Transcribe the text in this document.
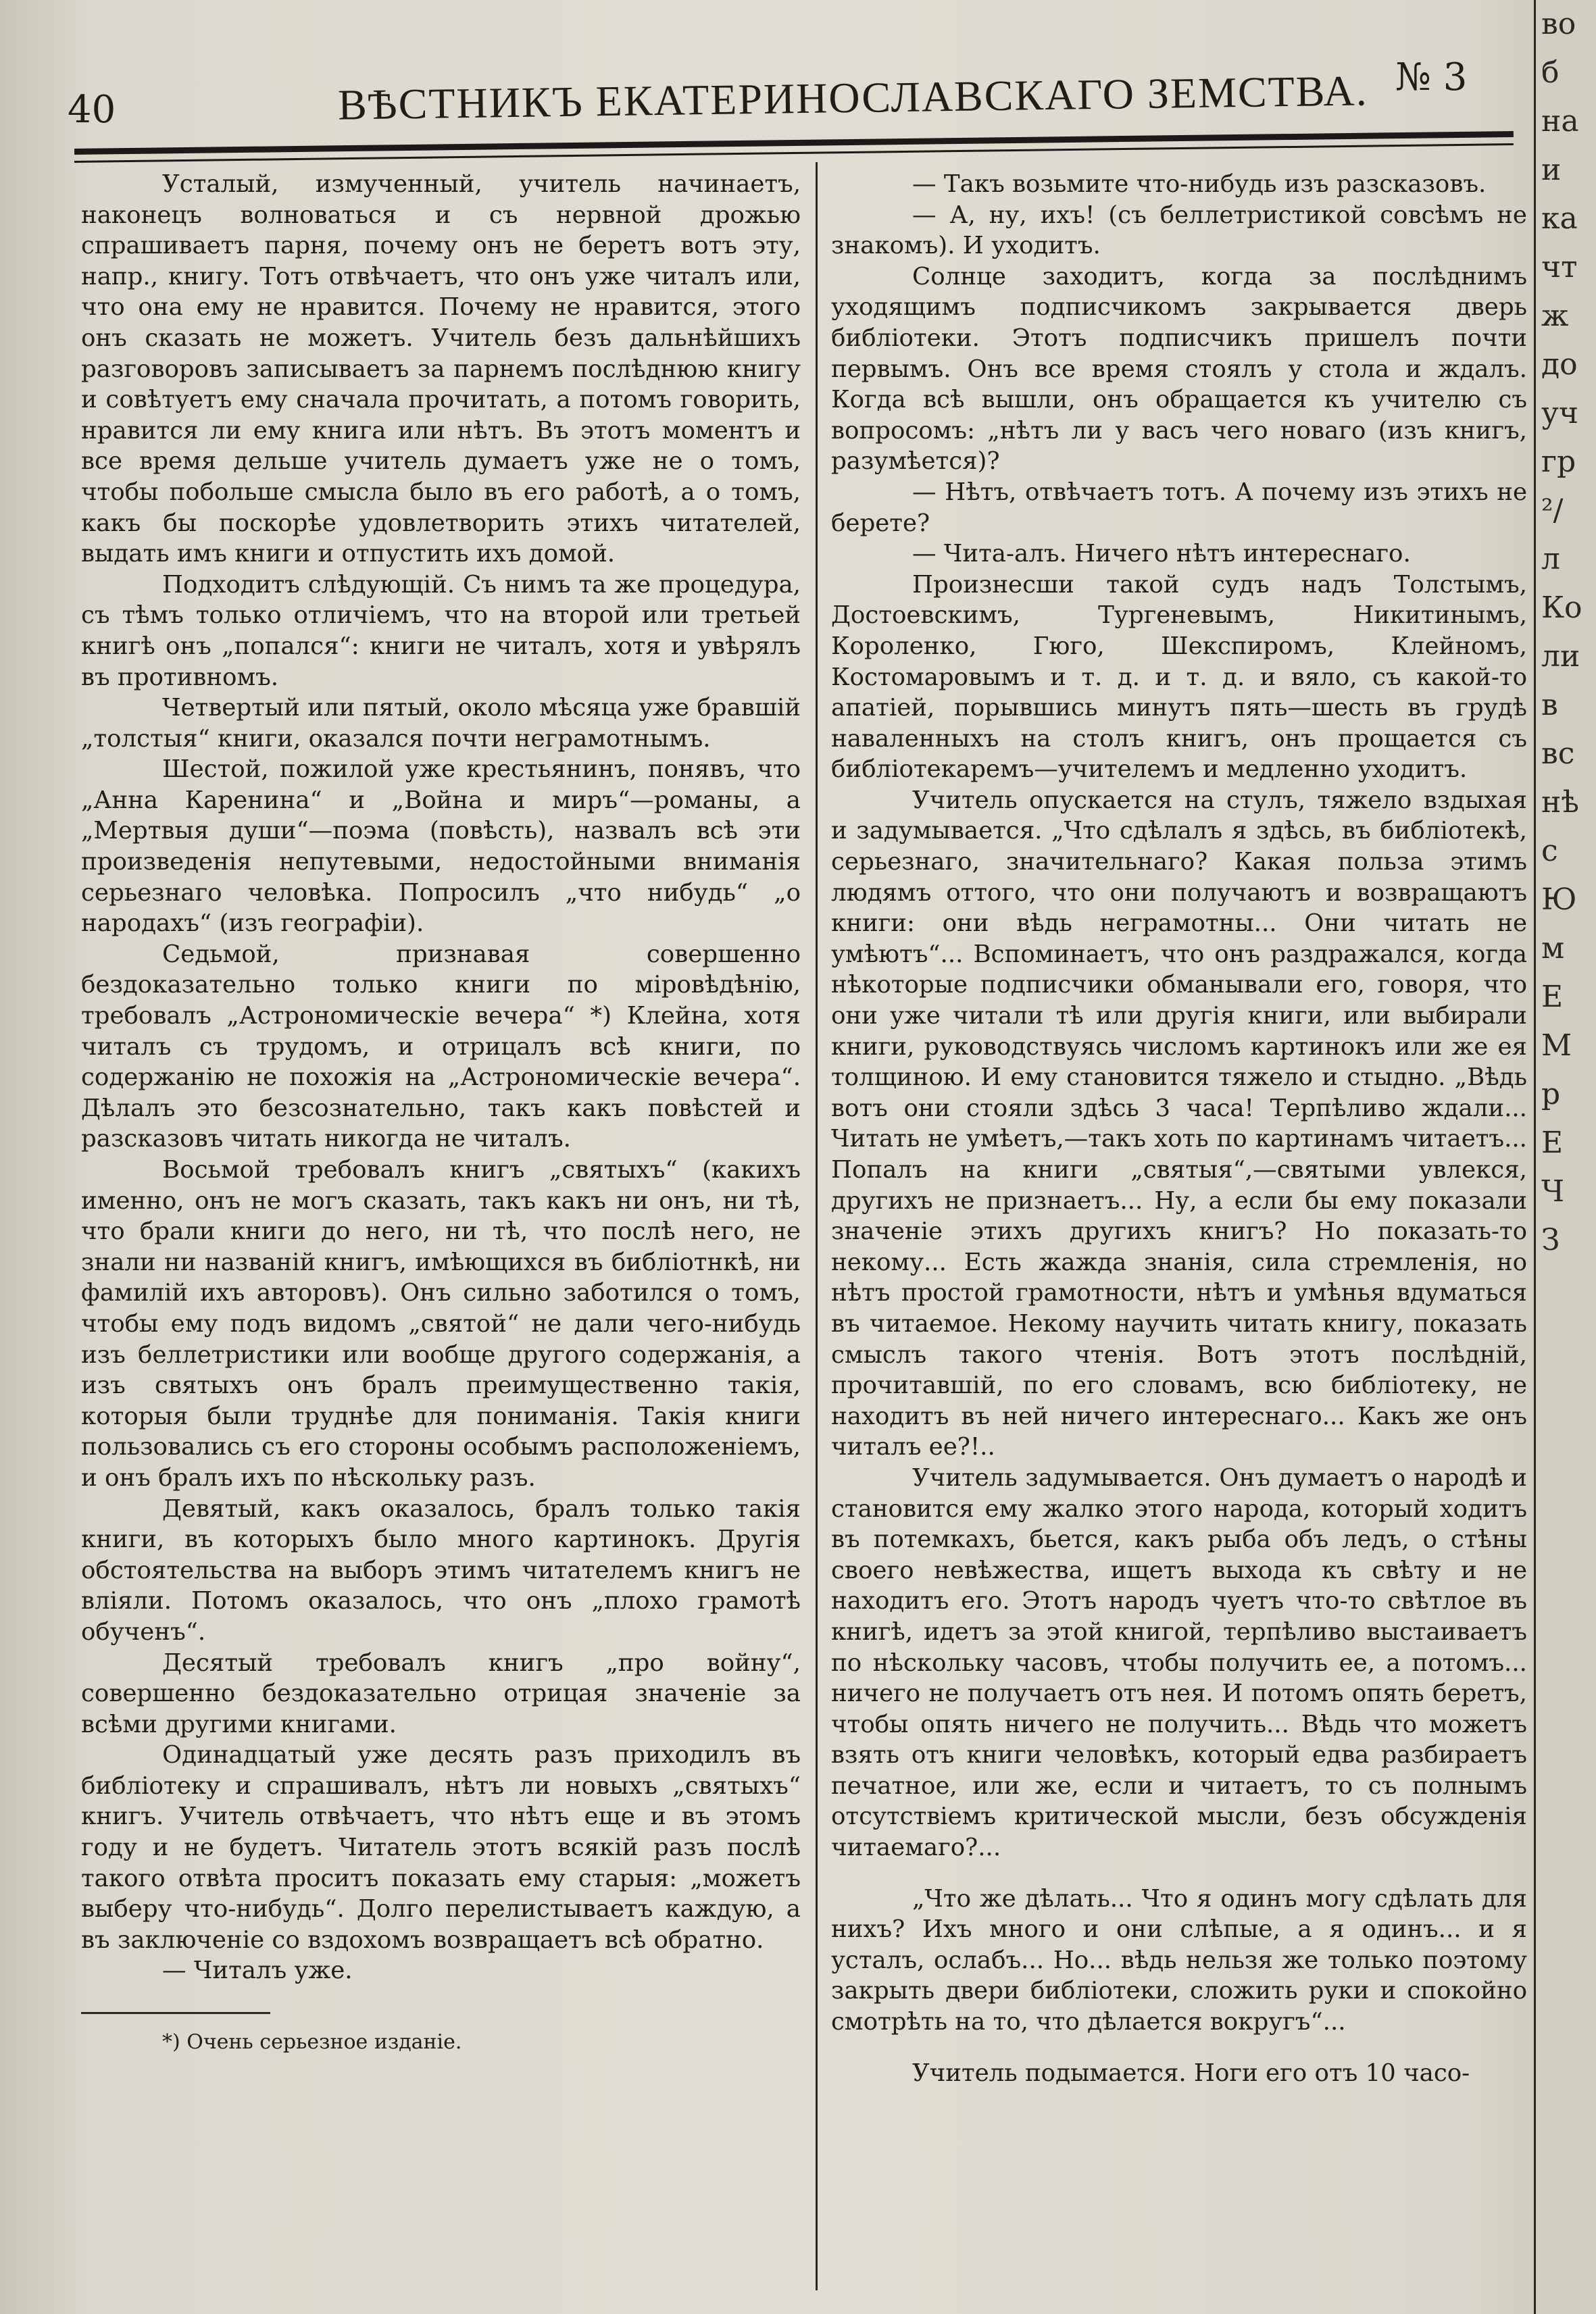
во
б
на
и
ка
чт
ж
до
уч
гр
²/
л
Ко
ли
в
вс
нѣ
с
Ю
м
Е
М
р
Е
Ч
З
40	ВѢСТНИКЪ ЕКАТЕРИНОСЛАВСКАГО ЗЕМСТВА. № 3

Усталый, измученный, учитель начинаетъ, наконецъ волноваться и съ нервной дрожью спрашиваетъ парня, почему онъ не беретъ вотъ эту, напр., книгу. Тотъ отвѣчаетъ, что онъ уже читалъ или, что она ему не нравится. Почему не нравится, этого онъ сказать не можетъ. Учитель безъ дальнѣйшихъ разговоровъ записываетъ за парнемъ послѣднюю книгу и совѣтуетъ ему сначала прочитать, а потомъ говорить, нравится ли ему книга или нѣтъ. Въ этотъ моментъ и все время дельше учитель думаетъ уже не о томъ, чтобы побольше смысла было въ его работѣ, а о томъ, какъ бы поскорѣе удовлетворить этихъ читателей, выдать имъ книги и отпустить ихъ домой.

Подходитъ слѣдующій. Съ нимъ та же процедура, съ тѣмъ только отличіемъ, что на второй или третьей книгѣ онъ „попался“: книги не читалъ, хотя и увѣрялъ въ противномъ.

Четвертый или пятый, около мѣсяца уже бравшій „толстыя“ книги, оказался почти неграмотнымъ.

Шестой, пожилой уже крестьянинъ, понявъ, что „Анна Каренина“ и „Война и миръ“—романы, а „Мертвыя души“—поэма (повѣсть), назвалъ всѣ эти произведенія непутевыми, недостойными вниманія серьезнаго человѣка. Попросилъ „что нибудь“ „о народахъ“ (изъ географіи).

Седьмой, признавая совершенно бездоказательно только книги по міровѣдѣнію, требовалъ „Астрономическіе вечера“ *) Клейна, хотя читалъ съ трудомъ, и отрицалъ всѣ книги, по содержанію не похожія на „Астрономическіе вечера“. Дѣлалъ это безсознательно, такъ какъ повѣстей и разсказовъ читать никогда не читалъ.

Восьмой требовалъ книгъ „святыхъ“ (какихъ именно, онъ не могъ сказать, такъ какъ ни онъ, ни тѣ, что брали книги до него, ни тѣ, что послѣ него, не знали ни названій книгъ, имѣющихся въ библіотнкѣ, ни фамилій ихъ авторовъ). Онъ сильно заботился о томъ, чтобы ему подъ видомъ „святой“ не дали чего-нибудь изъ беллетристики или вообще другого содержанія, а изъ святыхъ онъ бралъ преимущественно такія, которыя были труднѣе для пониманія. Такія книги пользовались съ его стороны особымъ расположеніемъ, и онъ бралъ ихъ по нѣскольку разъ.

Девятый, какъ оказалось, бралъ только такія книги, въ которыхъ было много картинокъ. Другія обстоятельства на выборъ этимъ читателемъ книгъ не вліяли. Потомъ оказалось, что онъ „плохо грамотѣ обученъ“.

Десятый требовалъ книгъ „про войну“, совершенно бездоказательно отрицая значеніе за всѣми другими книгами.

Одинадцатый уже десять разъ приходилъ въ библіотеку и спрашивалъ, нѣтъ ли новыхъ „святыхъ“ книгъ. Учитель отвѣчаетъ, что нѣтъ еще и въ этомъ году и не будетъ. Читатель этотъ всякій разъ послѣ такого отвѣта проситъ показать ему старыя: „можетъ выберу что-нибудь“. Долго перелистываетъ каждую, а въ заключеніе со вздохомъ возвращаетъ всѣ обратно.

— Читалъ уже.

*) Очень серьезное изданіе.

— Такъ возьмите что-нибудь изъ разсказовъ.

— А, ну, ихъ! (съ беллетристикой совсѣмъ не знакомъ). И уходитъ.

Солнце заходитъ, когда за послѣднимъ уходящимъ подписчикомъ закрывается дверь библіотеки. Этотъ подписчикъ пришелъ почти первымъ. Онъ все время стоялъ у стола и ждалъ. Когда всѣ вышли, онъ обращается къ учителю съ вопросомъ: „нѣтъ ли у васъ чего новаго (изъ книгъ, разумѣется)?

— Нѣтъ, отвѣчаетъ тотъ. А почему изъ этихъ не берете?

— Чита-алъ. Ничего нѣтъ интереснаго.

Произнесши такой судъ надъ Толстымъ, Достоевскимъ, Тургеневымъ, Никитинымъ, Короленко, Гюго, Шекспиромъ, Клейномъ, Костомаровымъ и т. д. и т. д. и вяло, съ какой-то апатіей, порывшись минутъ пять—шесть въ грудѣ наваленныхъ на столъ книгъ, онъ прощается съ библіотекаремъ—учителемъ и медленно уходитъ.

Учитель опускается на стулъ, тяжело вздыхая и задумывается. „Что сдѣлалъ я здѣсь, въ библіотекѣ, серьезнаго, значительнаго? Какая польза этимъ людямъ оттого, что они получаютъ и возвращаютъ книги: они вѣдь неграмотны... Они читать не умѣютъ“... Вспоминаетъ, что онъ раздражался, когда нѣкоторые подписчики обманывали его, говоря, что они уже читали тѣ или другія книги, или выбирали книги, руководствуясь числомъ картинокъ или же ея толщиною. И ему становится тяжело и стыдно. „Вѣдь вотъ они стояли здѣсь 3 часа! Терпѣливо ждали... Читать не умѣетъ,—такъ хоть по картинамъ читаетъ... Попалъ на книги „святыя“,—святыми увлекся, другихъ не признаетъ... Ну, а если бы ему показали значеніе этихъ другихъ книгъ? Но показать-то некому... Есть жажда знанія, сила стремленія, но нѣтъ простой грамотности, нѣтъ и умѣнья вдуматься въ читаемое. Некому научить читать книгу, показать смыслъ такого чтенія. Вотъ этотъ послѣдній, прочитавшій, по его словамъ, всю библіотеку, не находитъ въ ней ничего интереснаго... Какъ же онъ читалъ ее?!..

Учитель задумывается. Онъ думаетъ о народѣ и становится ему жалко этого народа, который ходитъ въ потемкахъ, бьется, какъ рыба объ ледъ, о стѣны своего невѣжества, ищетъ выхода къ свѣту и не находитъ его. Этотъ народъ чуетъ что-то свѣтлое въ книгѣ, идетъ за этой книгой, терпѣливо выстаиваетъ по нѣскольку часовъ, чтобы получить ее, а потомъ... ничего не получаетъ отъ нея. И потомъ опять беретъ, чтобы опять ничего не получить... Вѣдь что можетъ взять отъ книги человѣкъ, который едва разбираетъ печатное, или же, если и читаетъ, то съ полнымъ отсутствіемъ критической мысли, безъ обсужденія читаемаго?...

„Что же дѣлать... Что я одинъ могу сдѣлать для нихъ? Ихъ много и они слѣпые, а я одинъ... и я усталъ, ослабъ... Но... вѣдь нельзя же только поэтому закрыть двери библіотеки, сложить руки и спокойно смотрѣть на то, что дѣлается вокругъ“...

Учитель подымается. Ноги его отъ 10 часо-
